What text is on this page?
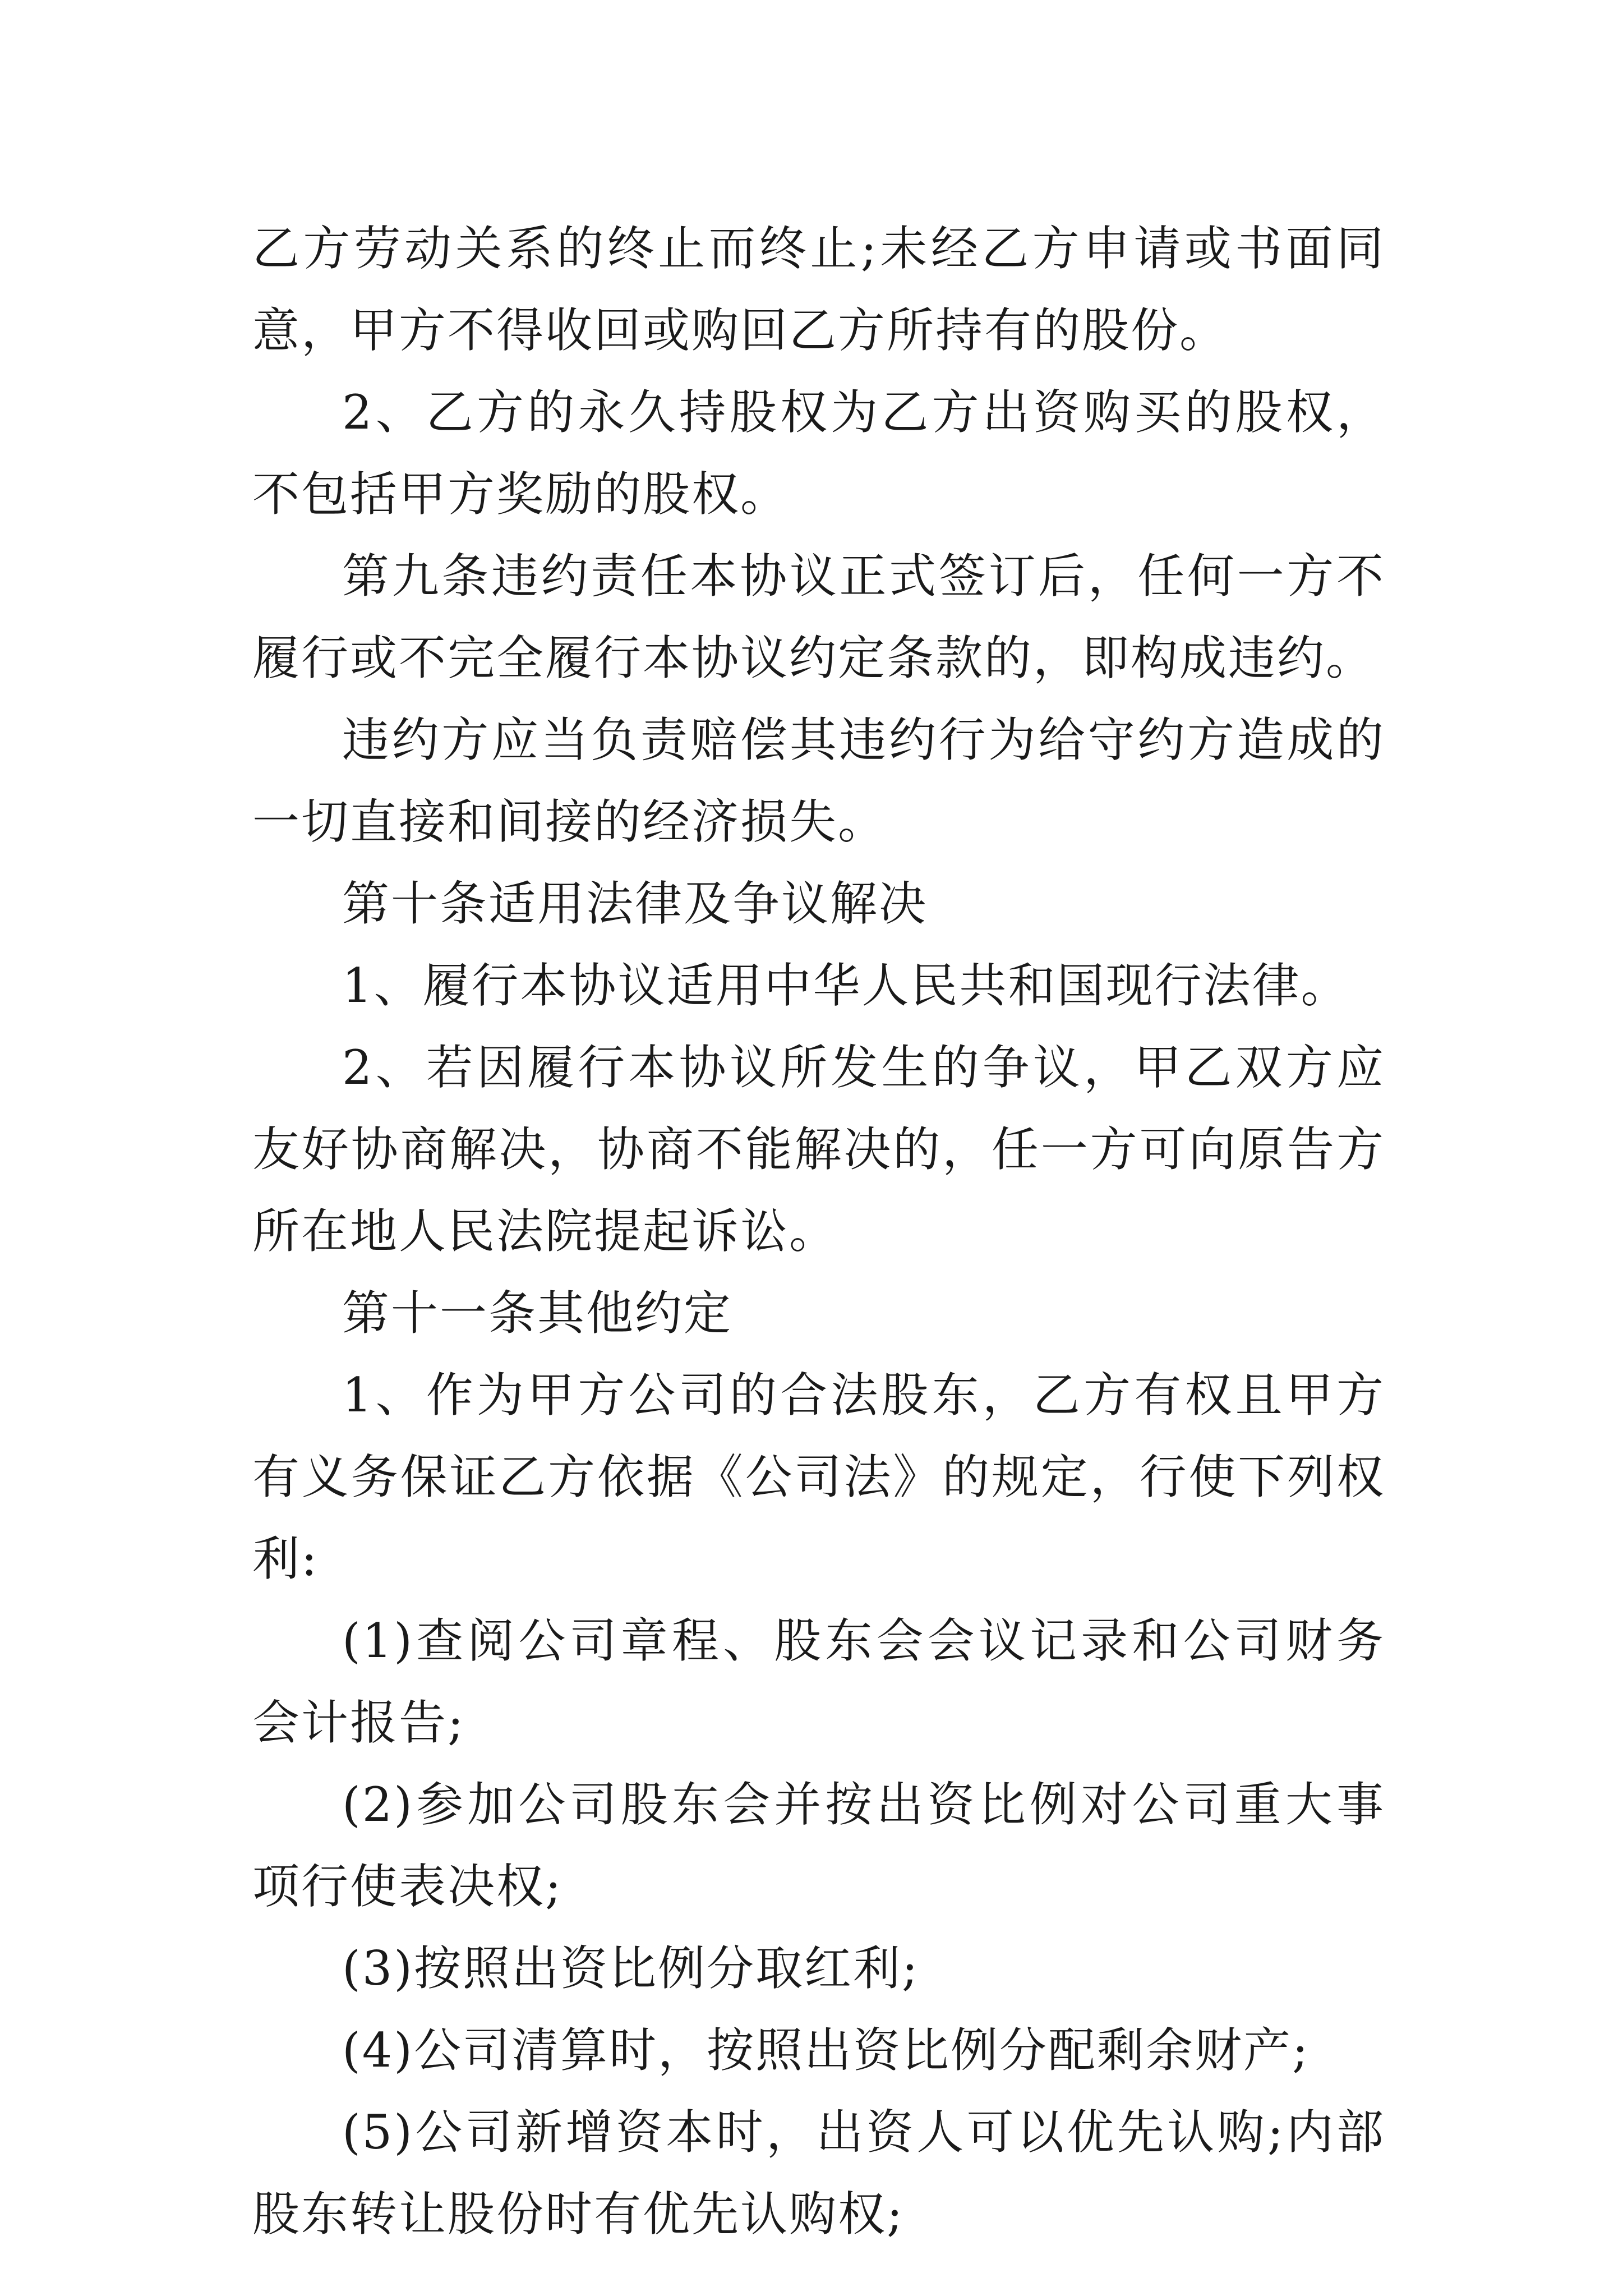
乙方劳动关系的终止而终止;未经乙方申请或书面同意，甲方不得收回或购回乙方所持有的股份。

2、乙方的永久持股权为乙方出资购买的股权，不包括甲方奖励的股权。

第九条违约责任本协议正式签订后，任何一方不履行或不完全履行本协议约定条款的，即构成违约。

违约方应当负责赔偿其违约行为给守约方造成的一切直接和间接的经济损失。

第十条适用法律及争议解决

1、履行本协议适用中华人民共和国现行法律。

2、若因履行本协议所发生的争议，甲乙双方应友好协商解决，协商不能解决的，任一方可向原告方所在地人民法院提起诉讼。

第十一条其他约定

1、作为甲方公司的合法股东，乙方有权且甲方有义务保证乙方依据《公司法》的规定，行使下列权利:

(1)查阅公司章程、股东会会议记录和公司财务会计报告;

(2)参加公司股东会并按出资比例对公司重大事项行使表决权;

(3)按照出资比例分取红利;

(4)公司清算时，按照出资比例分配剩余财产;

(5)公司新增资本时，出资人可以优先认购;内部股东转让股份时有优先认购权;
